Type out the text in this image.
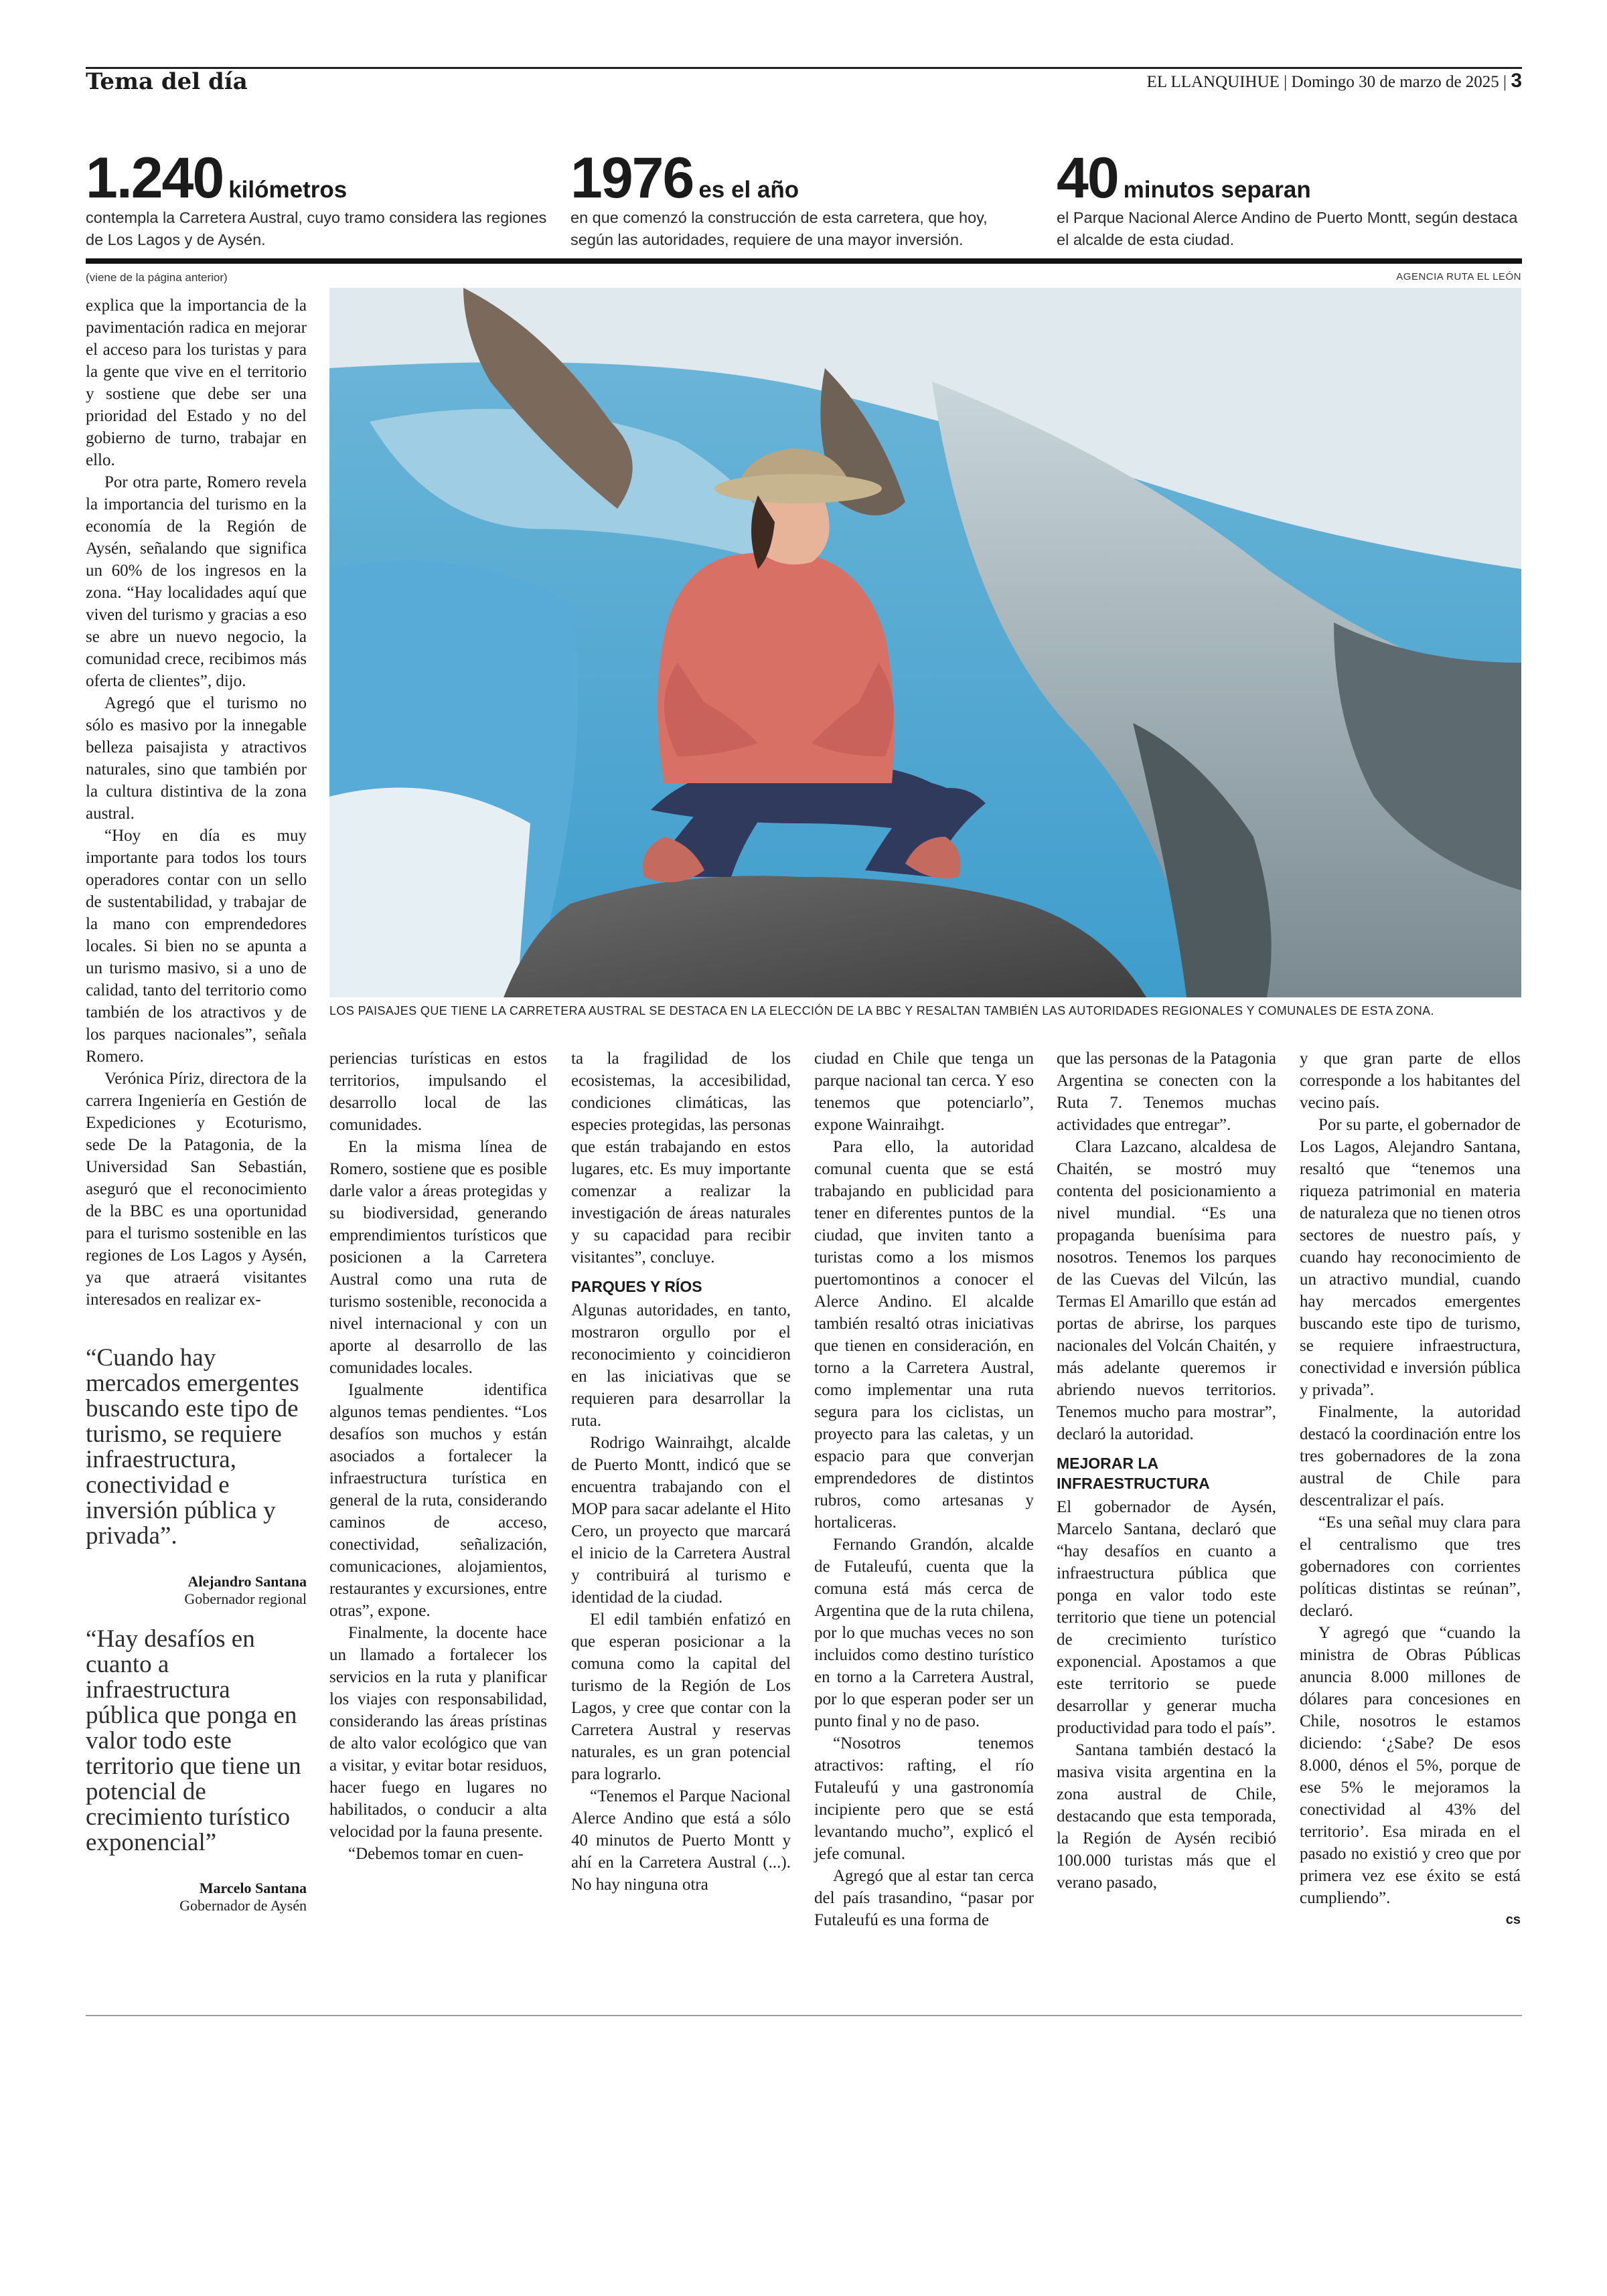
Tema del día	EL LLANQUIHUE | Domingo 30 de marzo de 2025 | 3
1.240 kilómetros
contempla la Carretera Austral, cuyo tramo considera las regiones de Los Lagos y de Aysén.
1976 es el año
en que comenzó la construcción de esta carretera, que hoy, según las autoridades, requiere de una mayor inversión.
40 minutos separan
el Parque Nacional Alerce Andino de Puerto Montt, según destaca el alcalde de esta ciudad.
(viene de la página anterior)	AGENCIA RUTA EL LEÓN
LOS PAISAJES QUE TIENE LA CARRETERA AUSTRAL SE DESTACA EN LA ELECCIÓN DE LA BBC Y RESALTAN TAMBIÉN LAS AUTORIDADES REGIONALES Y COMUNALES DE ESTA ZONA.

explica que la importancia de la pavimentación radica en mejorar el acceso para los turistas y para la gente que vive en el territorio y sostiene que debe ser una prioridad del Estado y no del gobierno de turno, trabajar en ello.

Por otra parte, Romero revela la importancia del turismo en la economía de la Región de Aysén, señalando que significa un 60% de los ingresos en la zona. “Hay localidades aquí que viven del turismo y gracias a eso se abre un nuevo negocio, la comunidad crece, recibimos más oferta de clientes”, dijo.

Agregó que el turismo no sólo es masivo por la innegable belleza paisajista y atractivos naturales, sino que también por la cultura distintiva de la zona austral.

“Hoy en día es muy importante para todos los tours operadores contar con un sello de sustentabilidad, y trabajar de la mano con emprendedores locales. Si bien no se apunta a un turismo masivo, si a uno de calidad, tanto del territorio como también de los atractivos y de los parques nacionales”, señala Romero.

Verónica Píriz, directora de la carrera Ingeniería en Gestión de Expediciones y Ecoturismo, sede De la Patagonia, de la Universidad San Sebastián, aseguró que el reconocimiento de la BBC es una oportunidad para el turismo sostenible en las regiones de Los Lagos y Aysén, ya que atraerá visitantes interesados en realizar ex-

“Cuando hay mercados emergentes buscando este tipo de turismo, se requiere infraestructura, conectividad e inversión pública y privada”.
Alejandro Santana
Gobernador regional
“Hay desafíos en cuanto a infraestructura pública que ponga en valor todo este territorio que tiene un potencial de crecimiento turístico exponencial”
Marcelo Santana
Gobernador de Aysén

periencias turísticas en estos territorios, impulsando el desarrollo local de las comunidades.

En la misma línea de Romero, sostiene que es posible darle valor a áreas protegidas y su biodiversidad, generando emprendimientos turísticos que posicionen a la Carretera Austral como una ruta de turismo sostenible, reconocida a nivel internacional y con un aporte al desarrollo de las comunidades locales.

Igualmente identifica algunos temas pendientes. “Los desafíos son muchos y están asociados a fortalecer la infraestructura turística en general de la ruta, considerando caminos de acceso, conectividad, señalización, comunicaciones, alojamientos, restaurantes y excursiones, entre otras”, expone.

Finalmente, la docente hace un llamado a fortalecer los servicios en la ruta y planificar los viajes con responsabilidad, considerando las áreas prístinas de alto valor ecológico que van a visitar, y evitar botar residuos, hacer fuego en lugares no habilitados, o conducir a alta velocidad por la fauna presente.

“Debemos tomar en cuen-

ta la fragilidad de los ecosistemas, la accesibilidad, condiciones climáticas, las especies protegidas, las personas que están trabajando en estos lugares, etc. Es muy importante comenzar a realizar la investigación de áreas naturales y su capacidad para recibir visitantes”, concluye.

PARQUES Y RÍOS

Algunas autoridades, en tanto, mostraron orgullo por el reconocimiento y coincidieron en las iniciativas que se requieren para desarrollar la ruta.

Rodrigo Wainraihgt, alcalde de Puerto Montt, indicó que se encuentra trabajando con el MOP para sacar adelante el Hito Cero, un proyecto que marcará el inicio de la Carretera Austral y contribuirá al turismo e identidad de la ciudad.

El edil también enfatizó en que esperan posicionar a la comuna como la capital del turismo de la Región de Los Lagos, y cree que contar con la Carretera Austral y reservas naturales, es un gran potencial para lograrlo.

“Tenemos el Parque Nacional Alerce Andino que está a sólo 40 minutos de Puerto Montt y ahí en la Carretera Austral (...). No hay ninguna otra

ciudad en Chile que tenga un parque nacional tan cerca. Y eso tenemos que potenciarlo”, expone Wainraihgt.

Para ello, la autoridad comunal cuenta que se está trabajando en publicidad para tener en diferentes puntos de la ciudad, que inviten tanto a turistas como a los mismos puertomontinos a conocer el Alerce Andino. El alcalde también resaltó otras iniciativas que tienen en consideración, en torno a la Carretera Austral, como implementar una ruta segura para los ciclistas, un proyecto para las caletas, y un espacio para que converjan emprendedores de distintos rubros, como artesanas y hortaliceras.

Fernando Grandón, alcalde de Futaleufú, cuenta que la comuna está más cerca de Argentina que de la ruta chilena, por lo que muchas veces no son incluidos como destino turístico en torno a la Carretera Austral, por lo que esperan poder ser un punto final y no de paso.

“Nosotros tenemos atractivos: rafting, el río Futaleufú y una gastronomía incipiente pero que se está levantando mucho”, explicó el jefe comunal.

Agregó que al estar tan cerca del país trasandino, “pasar por Futaleufú es una forma de

que las personas de la Patagonia Argentina se conecten con la Ruta 7. Tenemos muchas actividades que entregar”.

Clara Lazcano, alcaldesa de Chaitén, se mostró muy contenta del posicionamiento a nivel mundial. “Es una propaganda buenísima para nosotros. Tenemos los parques de las Cuevas del Vilcún, las Termas El Amarillo que están ad portas de abrirse, los parques nacionales del Volcán Chaitén, y más adelante queremos ir abriendo nuevos territorios. Tenemos mucho para mostrar”, declaró la autoridad.

MEJORAR LA INFRAESTRUCTURA

El gobernador de Aysén, Marcelo Santana, declaró que “hay desafíos en cuanto a infraestructura pública que ponga en valor todo este territorio que tiene un potencial de crecimiento turístico exponencial. Apostamos a que este territorio se puede desarrollar y generar mucha productividad para todo el país”.

Santana también destacó la masiva visita argentina en la zona austral de Chile, destacando que esta temporada, la Región de Aysén recibió 100.000 turistas más que el verano pasado,

y que gran parte de ellos corresponde a los habitantes del vecino país.

Por su parte, el gobernador de Los Lagos, Alejandro Santana, resaltó que “tenemos una riqueza patrimonial en materia de naturaleza que no tienen otros sectores de nuestro país, y cuando hay reconocimiento de un atractivo mundial, cuando hay mercados emergentes buscando este tipo de turismo, se requiere infraestructura, conectividad e inversión pública y privada”.

Finalmente, la autoridad destacó la coordinación entre los tres gobernadores de la zona austral de Chile para descentralizar el país.

“Es una señal muy clara para el centralismo que tres gobernadores con corrientes políticas distintas se reúnan”, declaró.

Y agregó que “cuando la ministra de Obras Públicas anuncia 8.000 millones de dólares para concesiones en Chile, nosotros le estamos diciendo: ‘¿Sabe? De esos 8.000, dénos el 5%, porque de ese 5% le mejoramos la conectividad al 43% del territorio’. Esa mirada en el pasado no existió y creo que por primera vez ese éxito se está cumpliendo”.

cs
